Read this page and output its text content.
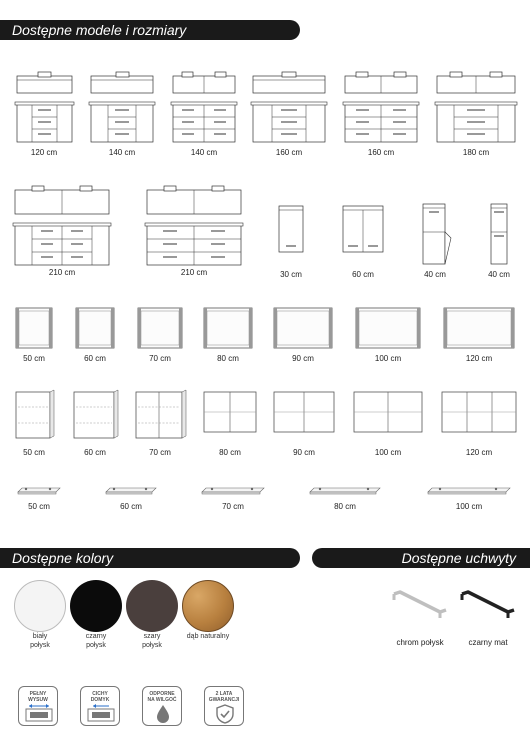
Dostępne modele i rozmiary
Dostępne kolory	Dostępne uchwyty
120 cm	140 cm	140 cm	160 cm	160 cm	180 cm
210 cm	210 cm	30 cm	60 cm	40 cm	40 cm
50 cm	60 cm	70 cm	80 cm	90 cm	100 cm	120 cm
50 cm	60 cm	70 cm	80 cm	90 cm	100 cm	120 cm
50 cm	60 cm	70 cm	80 cm	100 cm
biały
połysk
czarny
połysk
szary
połysk
dąb naturalny
chrom połysk	czarny mat
PEŁNY
WYSUW
CICHY
DOMYK
ODPORNE
NA WILGOĆ
2 LATA
GWARANCJI
